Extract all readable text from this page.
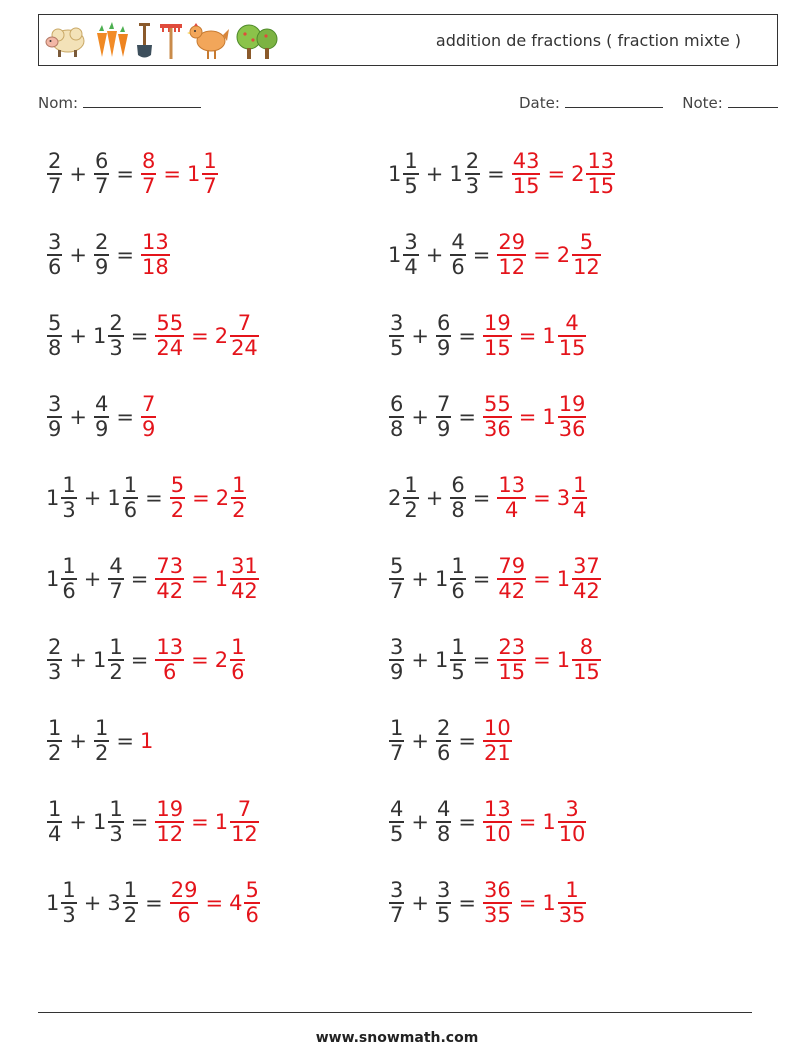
addition de fractions ( fraction mixte )
Nom:	Date:	Note:
$\frac{2}{7} + \frac{6}{7} = \frac{8}{7} = 1 \frac{1}{7}$	$1 \frac{1}{5} + 1 \frac{2}{3} = \frac{43}{15} = 2 \frac{13}{15}$
$\frac{3}{6} + \frac{2}{9} = \frac{13}{18}$	$1 \frac{3}{4} + \frac{4}{6} = \frac{29}{12} = 2 \frac{5}{12}$
$\frac{5}{8} + 1 \frac{2}{3} = \frac{55}{24} = 2 \frac{7}{24}$	$\frac{3}{5} + \frac{6}{9} = \frac{19}{15} = 1 \frac{4}{15}$
$\frac{3}{9} + \frac{4}{9} = \frac{7}{9}$	$\frac{6}{8} + \frac{7}{9} = \frac{55}{36} = 1 \frac{19}{36}$
$1 \frac{1}{3} + 1 \frac{1}{6} = \frac{5}{2} = 2 \frac{1}{2}$	$2 \frac{1}{2} + \frac{6}{8} = \frac{13}{4} = 3 \frac{1}{4}$
$1 \frac{1}{6} + \frac{4}{7} = \frac{73}{42} = 1 \frac{31}{42}$	$\frac{5}{7} + 1 \frac{1}{6} = \frac{79}{42} = 1 \frac{37}{42}$
$\frac{2}{3} + 1 \frac{1}{2} = \frac{13}{6} = 2 \frac{1}{6}$	$\frac{3}{9} + 1 \frac{1}{5} = \frac{23}{15} = 1 \frac{8}{15}$
$\frac{1}{2} + \frac{1}{2} = 1$	$\frac{1}{7} + \frac{2}{6} = \frac{10}{21}$
$\frac{1}{4} + 1 \frac{1}{3} = \frac{19}{12} = 1 \frac{7}{12}$	$\frac{4}{5} + \frac{4}{8} = \frac{13}{10} = 1 \frac{3}{10}$
$1 \frac{1}{3} + 3 \frac{1}{2} = \frac{29}{6} = 4 \frac{5}{6}$	$\frac{3}{7} + \frac{3}{5} = \frac{36}{35} = 1 \frac{1}{35}$
www.snowmath.com
